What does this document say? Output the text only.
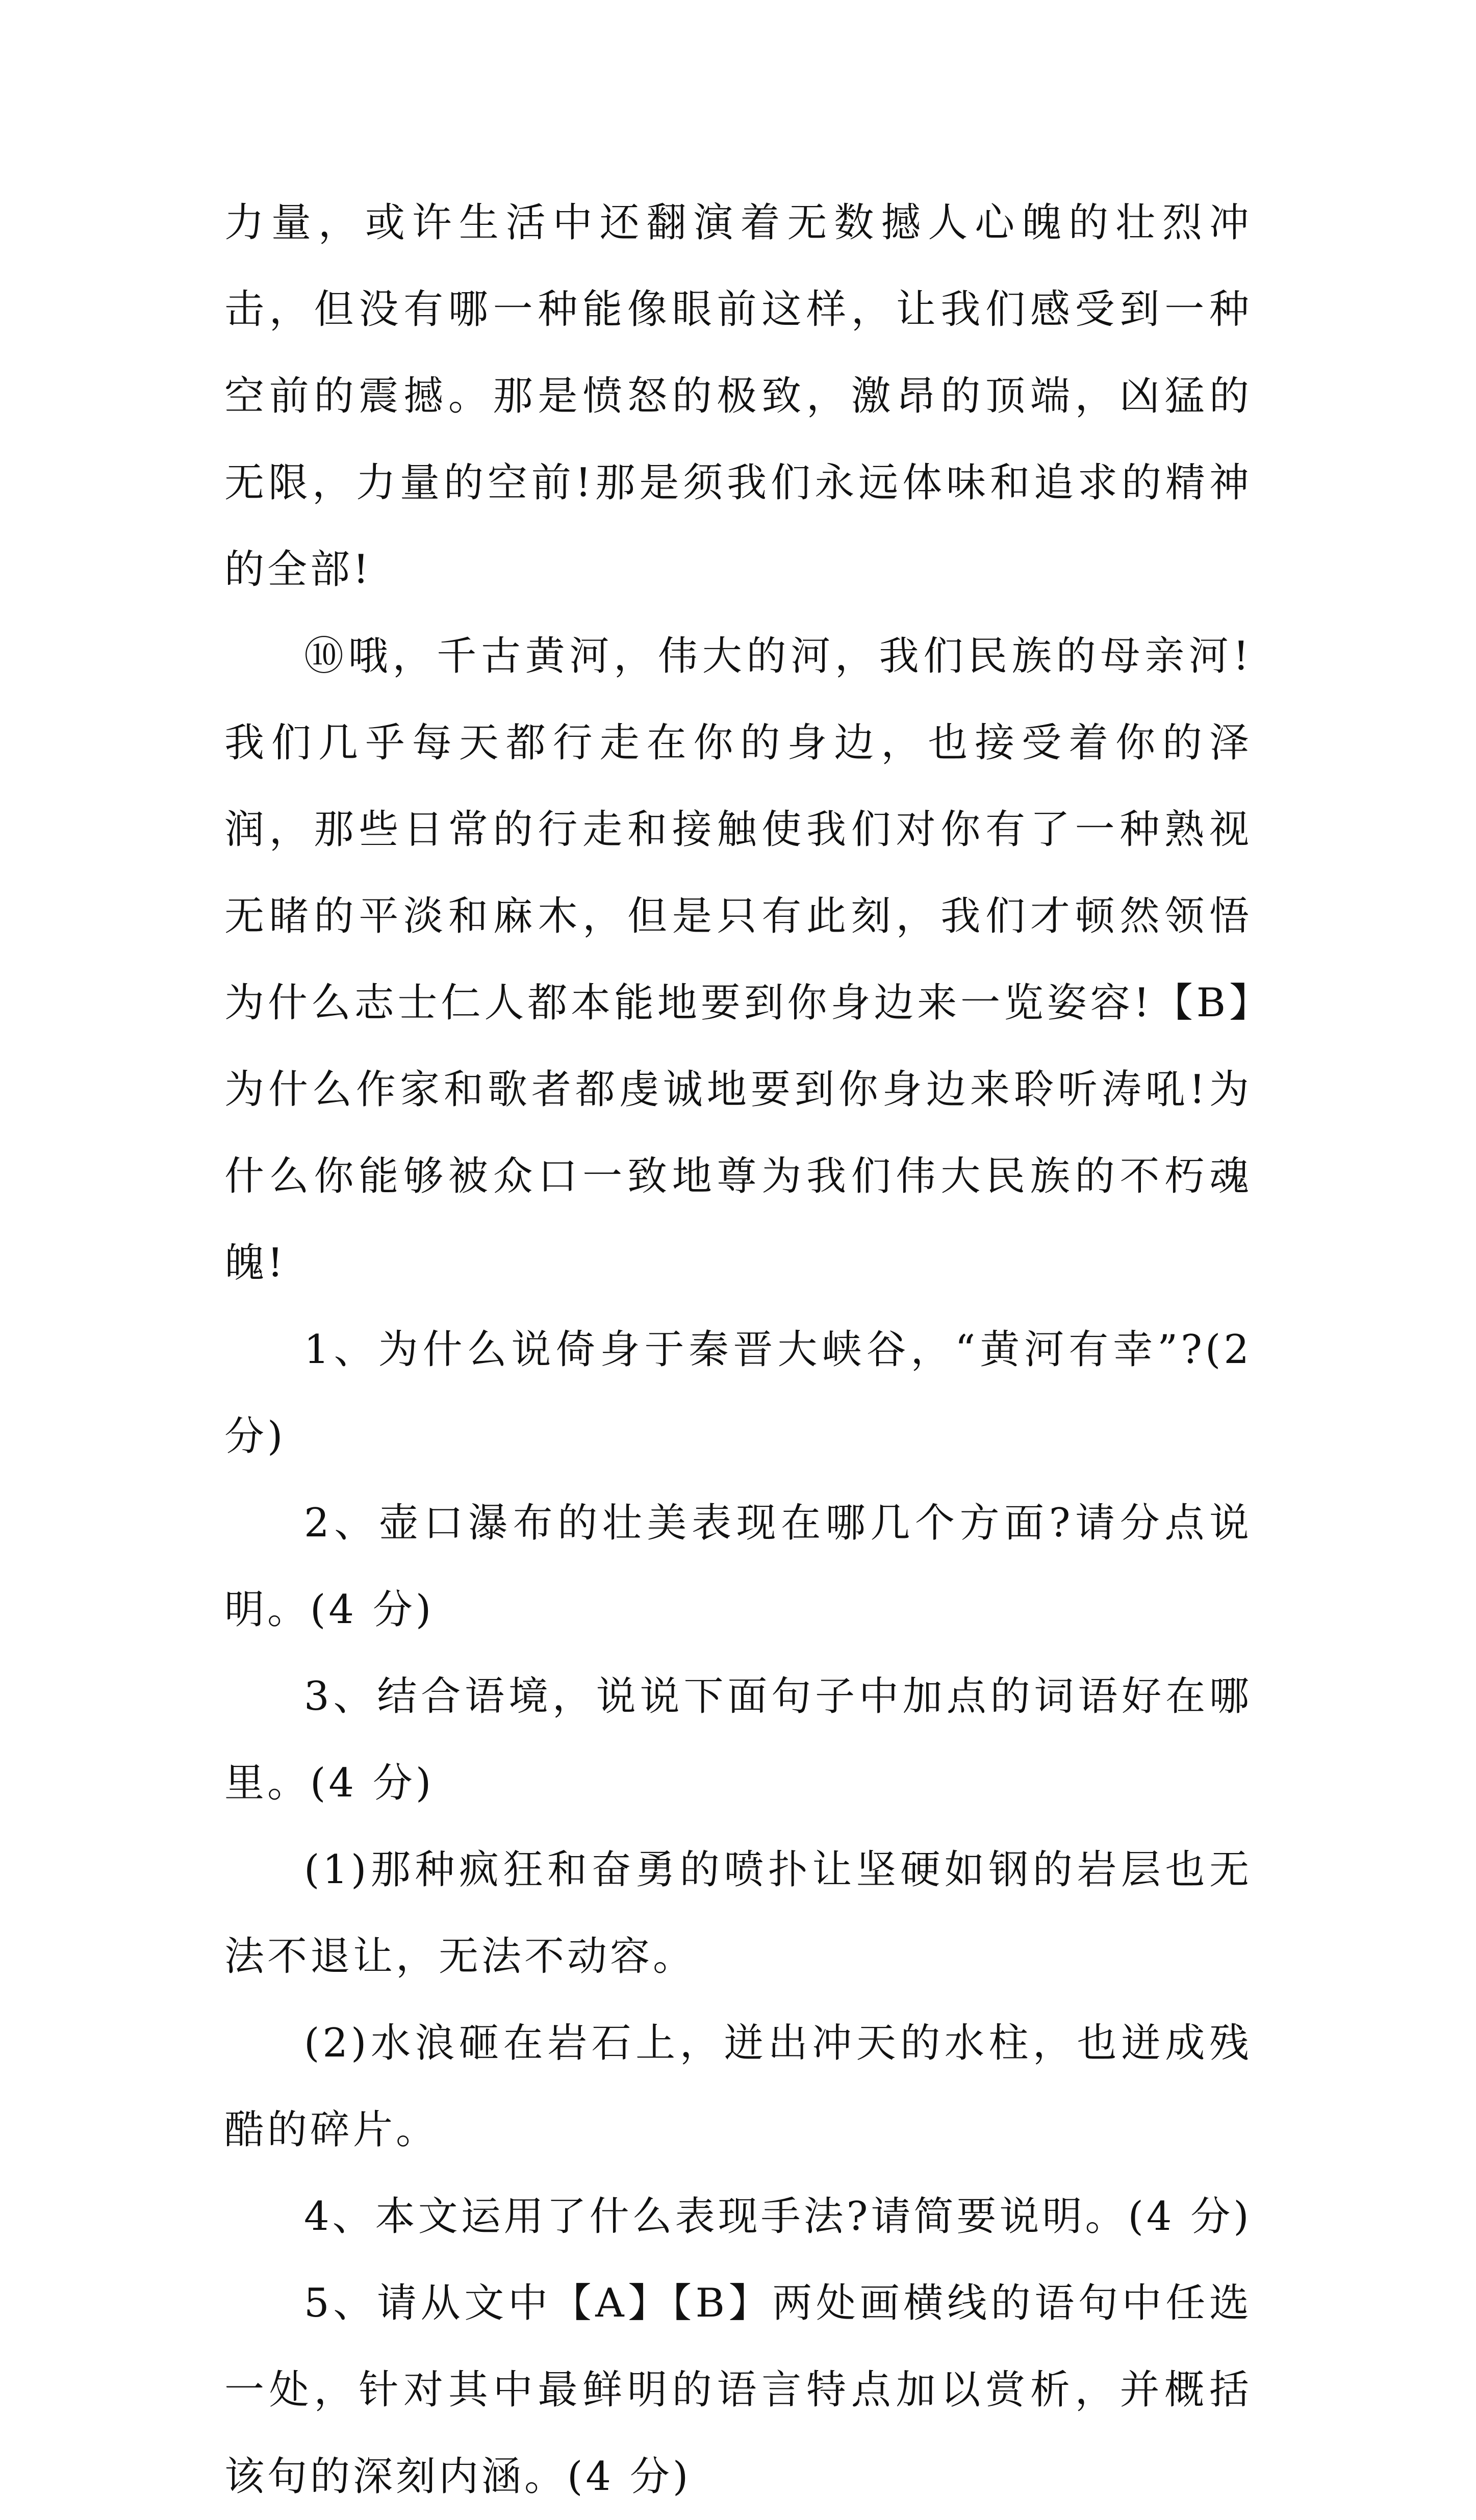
力量，或许生活中还翻演着无数撼人心魄的壮烈冲击，但没有哪一种能像眼前这样，让我们感受到一种空前的震撼。那是愤怒的极致，激昂的顶端，凶猛的无限，力量的空前!那是须我们永远体味和追求的精神的全部!

⑩哦，千古黄河，伟大的河，我们民族的母亲河!我们几乎每天都行走在你的身边，也接受着你的泽润，那些日常的行走和接触使我们对你有了一种熟视无睹的平淡和麻木，但是只有此刻，我们才顿然领悟为什么志士仁人都本能地要到你身边来一览姿容!【B】为什么作家和歌者都虔诚地要到你身边来聆听涛吼!为什么你能够被众口一致地尊为我们伟大民族的不朽魂魄!

1、为什么说倚身于秦晋大峡谷，“黄河有幸”?(2 分)

2、壶口瀑布的壮美表现在哪几个方面?请分点说明。(4 分)

3、结合语境，说说下面句子中加点的词语好在哪里。(4 分)

(1)那种疯狂和奋勇的喷扑让坚硬如钢的岩层也无法不退让，无法不动容。

(2)水浪砸在岩石上，迸出冲天的水柱，也迸成残酷的碎片。

4、本文运用了什么表现手法?请简要说明。(4 分)

5、请从文中【A】【B】两处画横线的语句中任选一处，针对其中最鲜明的语言特点加以赏析，并概括该句的深刻内涵。(4 分)
